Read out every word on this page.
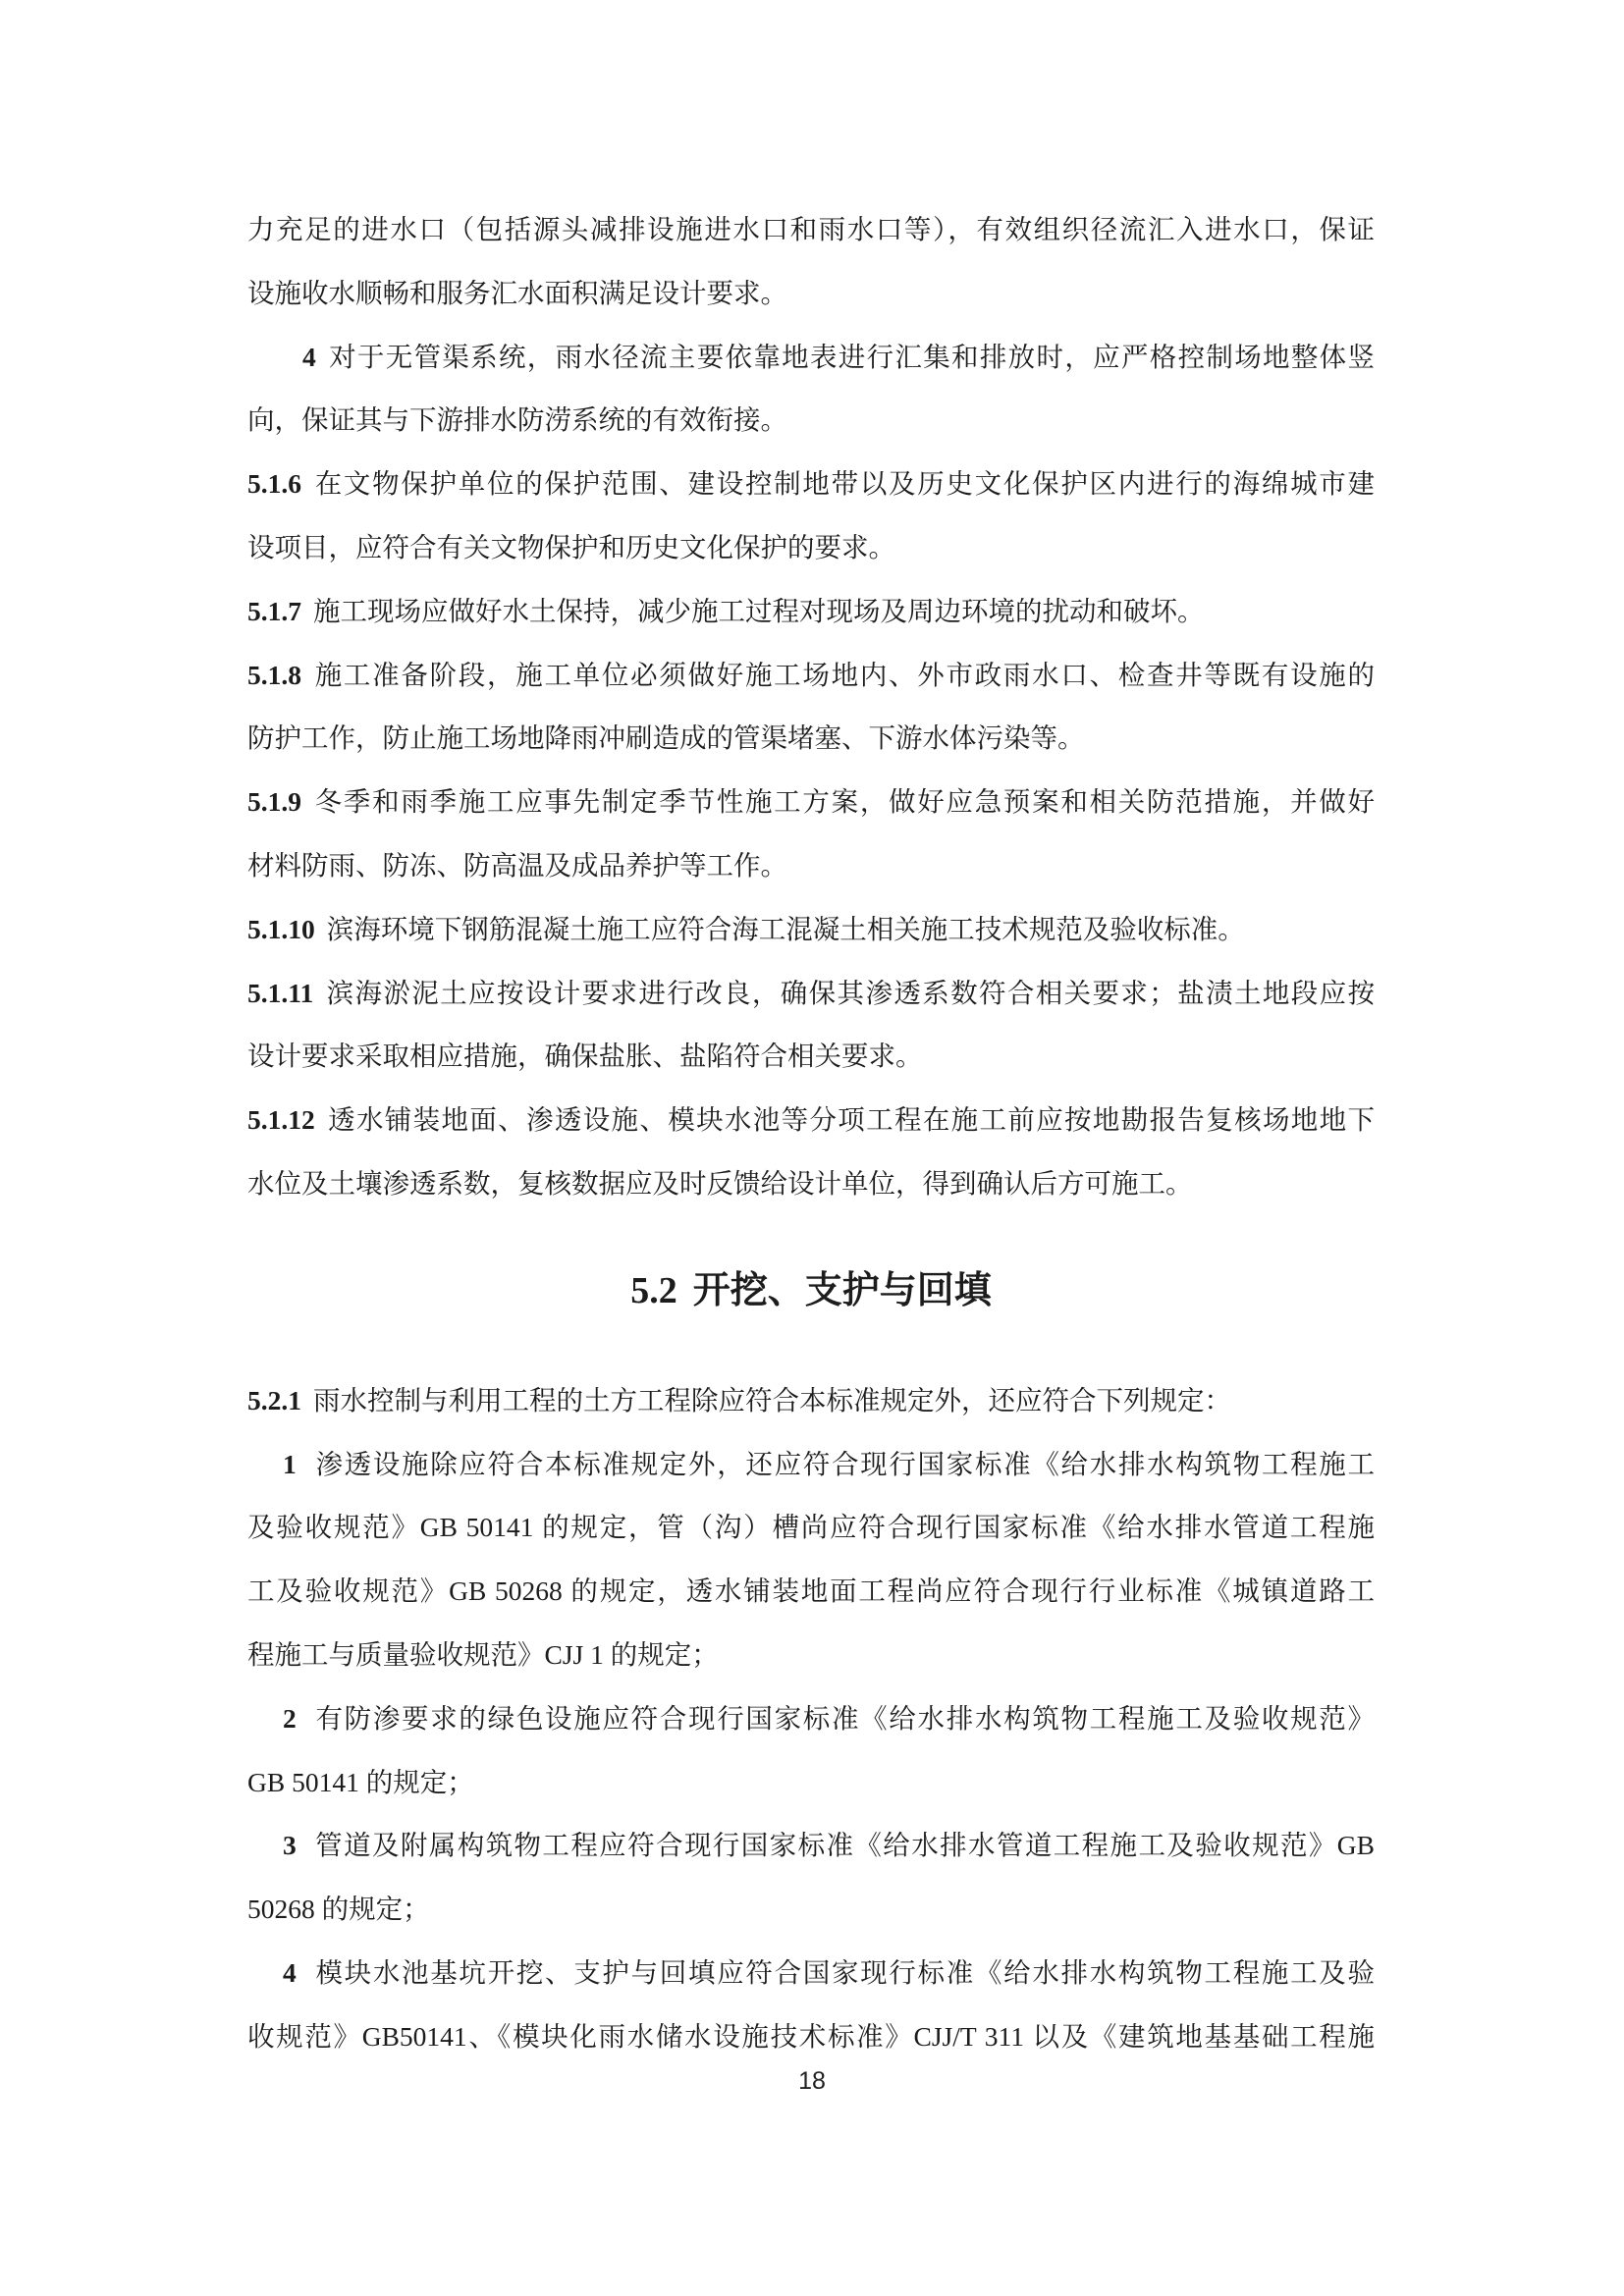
力充足的进水口（包括源头减排设施进水口和雨水口等），有效组织径流汇入进水口，保证
设施收水顺畅和服务汇水面积满足设计要求。
4 对于无管渠系统，雨水径流主要依靠地表进行汇集和排放时，应严格控制场地整体竖
向，保证其与下游排水防涝系统的有效衔接。
5.1.6 在文物保护单位的保护范围、建设控制地带以及历史文化保护区内进行的海绵城市建
设项目，应符合有关文物保护和历史文化保护的要求。
5.1.7 施工现场应做好水土保持，减少施工过程对现场及周边环境的扰动和破坏。
5.1.8 施工准备阶段，施工单位必须做好施工场地内、外市政雨水口、检查井等既有设施的
防护工作，防止施工场地降雨冲刷造成的管渠堵塞、下游水体污染等。
5.1.9 冬季和雨季施工应事先制定季节性施工方案，做好应急预案和相关防范措施，并做好
材料防雨、防冻、防高温及成品养护等工作。
5.1.10 滨海环境下钢筋混凝土施工应符合海工混凝土相关施工技术规范及验收标准。
5.1.11 滨海淤泥土应按设计要求进行改良，确保其渗透系数符合相关要求；盐渍土地段应按
设计要求采取相应措施，确保盐胀、盐陷符合相关要求。
5.1.12 透水铺装地面、渗透设施、模块水池等分项工程在施工前应按地勘报告复核场地地下
水位及土壤渗透系数，复核数据应及时反馈给设计单位，得到确认后方可施工。
5.2 开挖、支护与回填
5.2.1 雨水控制与利用工程的土方工程除应符合本标准规定外，还应符合下列规定：
1 渗透设施除应符合本标准规定外，还应符合现行国家标准《给水排水构筑物工程施工
及验收规范》GB 50141 的规定，管（沟）槽尚应符合现行国家标准《给水排水管道工程施
工及验收规范》GB 50268 的规定，透水铺装地面工程尚应符合现行行业标准《城镇道路工
程施工与质量验收规范》CJJ 1 的规定；
2 有防渗要求的绿色设施应符合现行国家标准《给水排水构筑物工程施工及验收规范》
GB 50141 的规定；
3 管道及附属构筑物工程应符合现行国家标准《给水排水管道工程施工及验收规范》GB
50268 的规定；
4 模块水池基坑开挖、支护与回填应符合国家现行标准《给水排水构筑物工程施工及验
收规范》GB50141、《模块化雨水储水设施技术标准》CJJ/T 311 以及《建筑地基基础工程施
18
